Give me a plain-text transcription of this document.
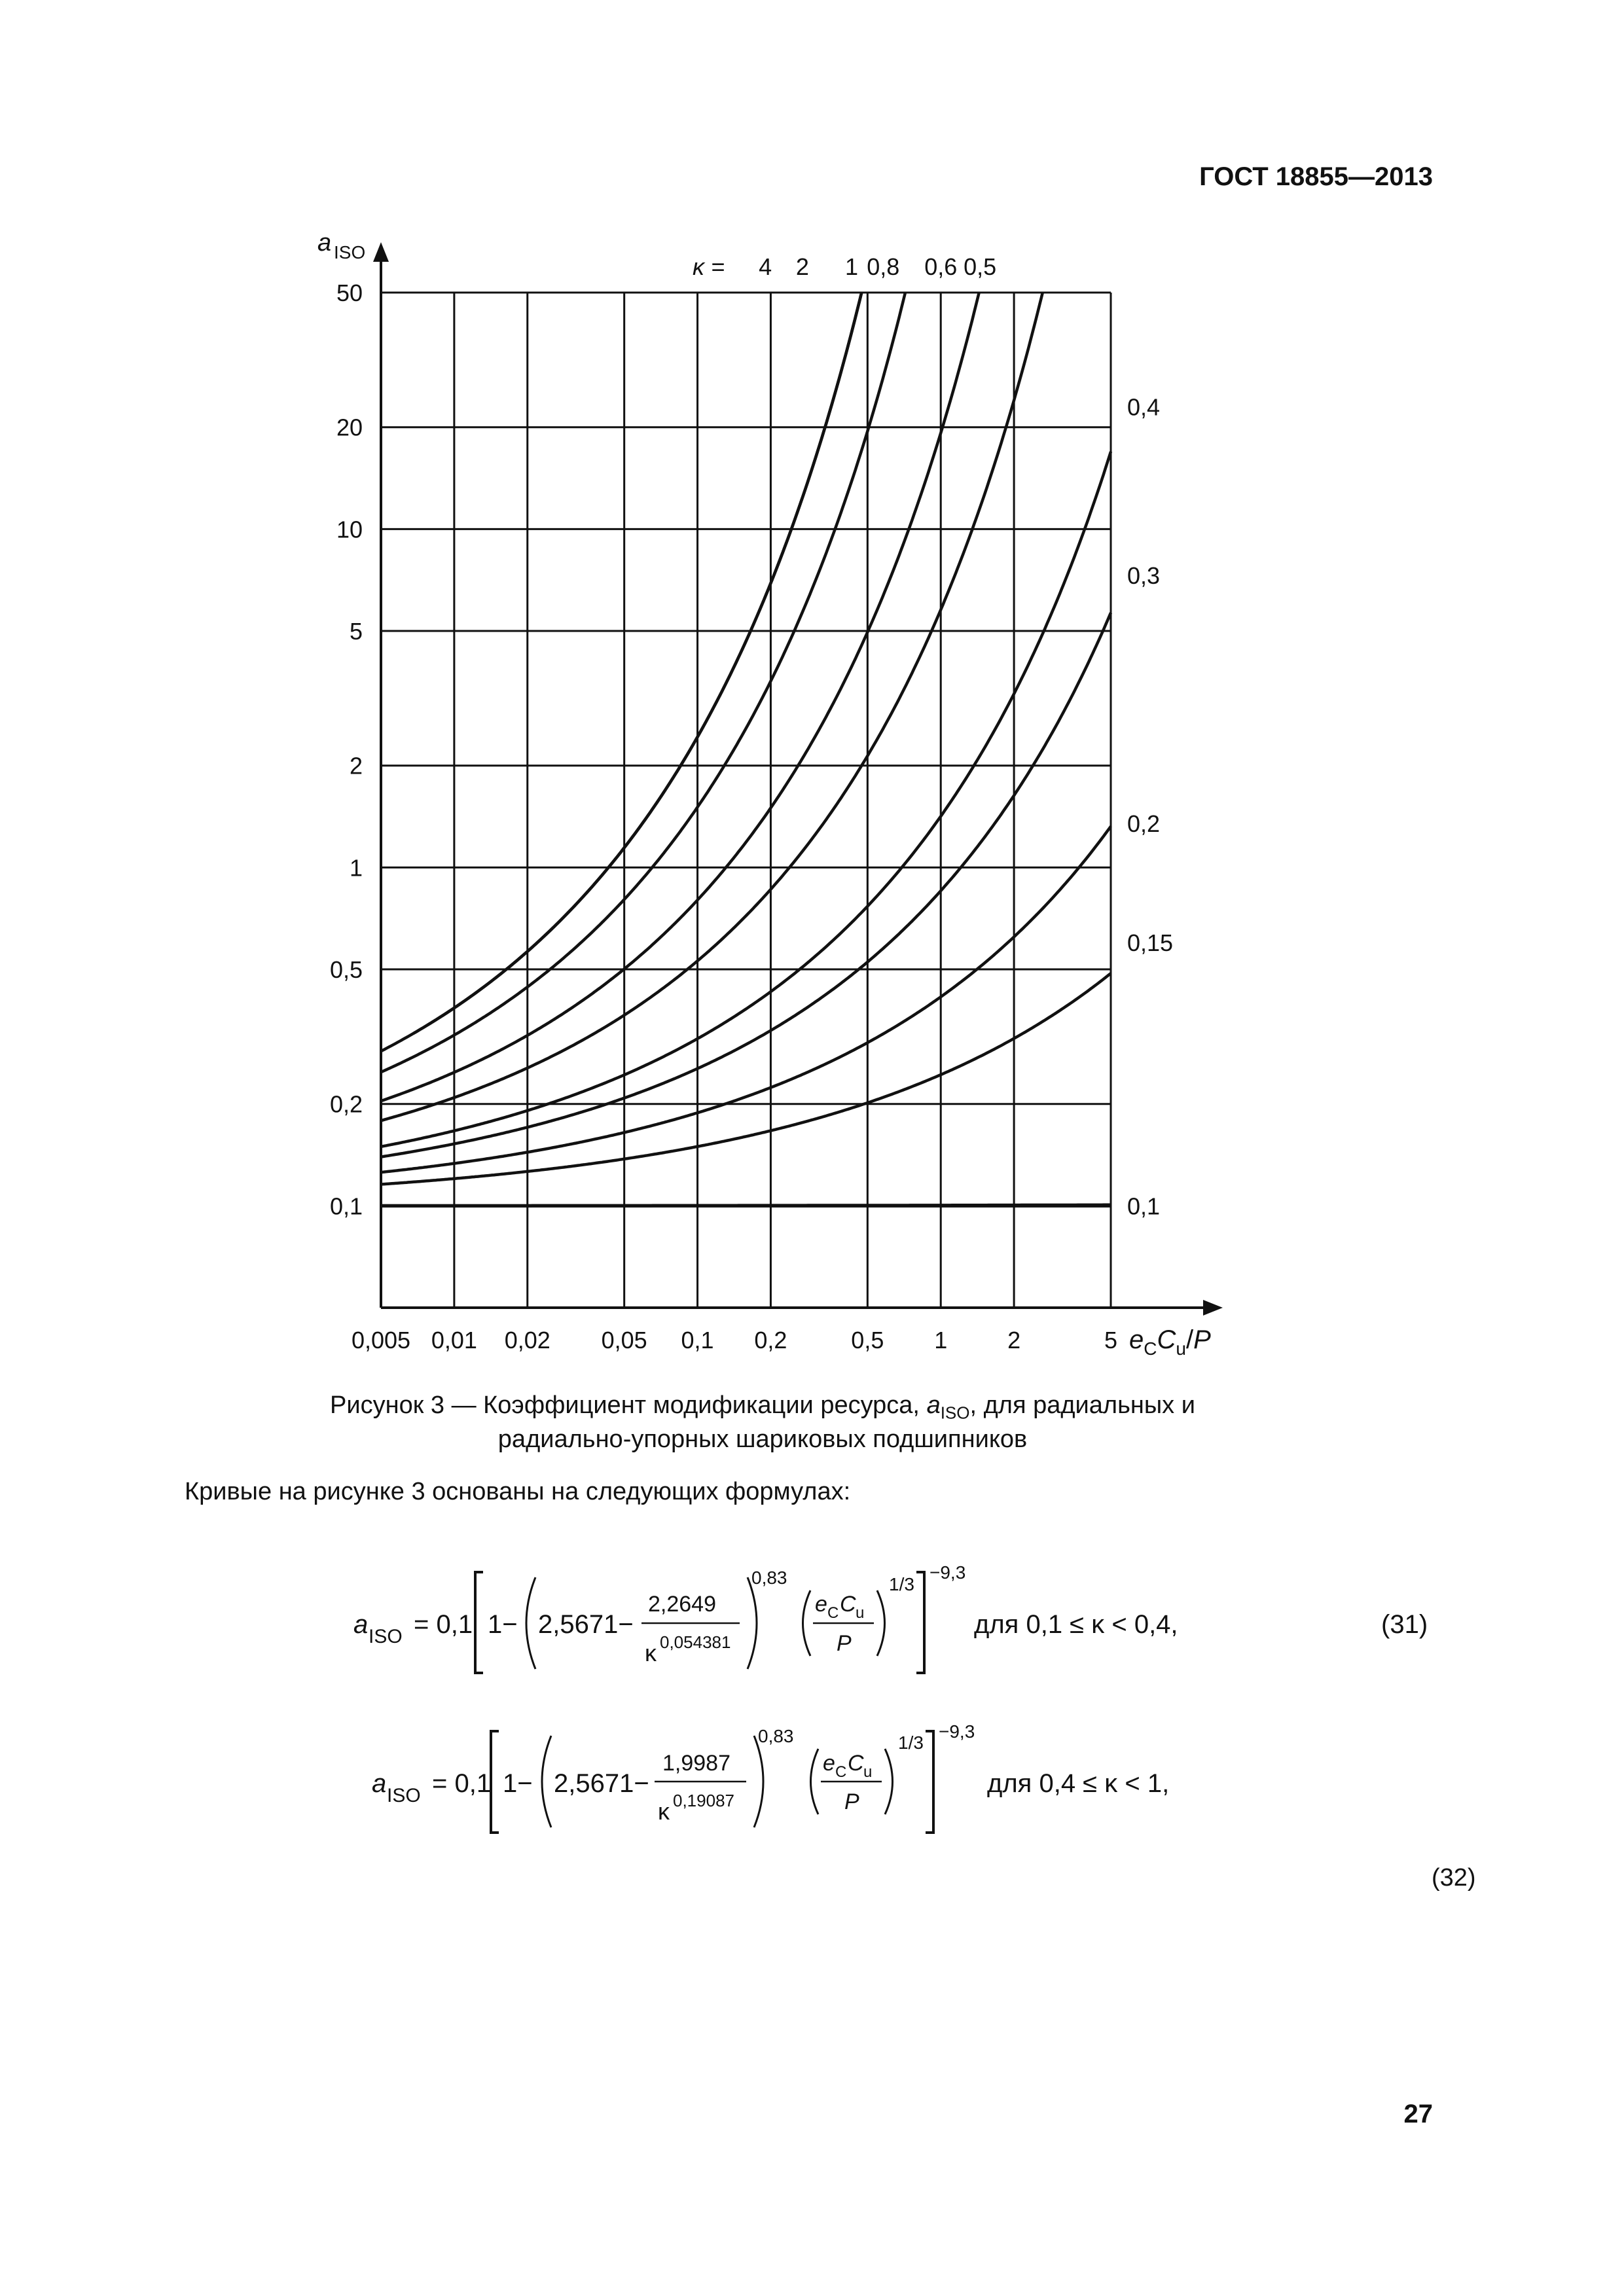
ГОСТ 18855—2013
0,005 0,01 0,02 0,05 0,1 0,2	0,5 1	2	5
0,1
0,2
0,5
1
2
5
10
20
50
a ISO
$e_CC_u/P$
κ = 4 2 1 0,8 0,6 0,5
0,4
0,3
0,2
0,15
0,1
Рисунок 3 — Коэффициент модификации ресурса, $a_{ISO}$, для радиальных и
радиально-упорных шариковых подшипников
Кривые на рисунке 3 основаны на следующих формулах:
a ISO = 0,1 1− 2,5671−
2,2649
κ 0,054381
0,83
e C C u
P
1/3
−9,3
для 0,1 ≤ κ < 0,4,	(31)
a ISO = 0,1 1− 2,5671−
1,9987
κ 0,19087
0,83
e C C u
P
1/3
−9,3
для 0,4 ≤ κ < 1,
(32)
27
